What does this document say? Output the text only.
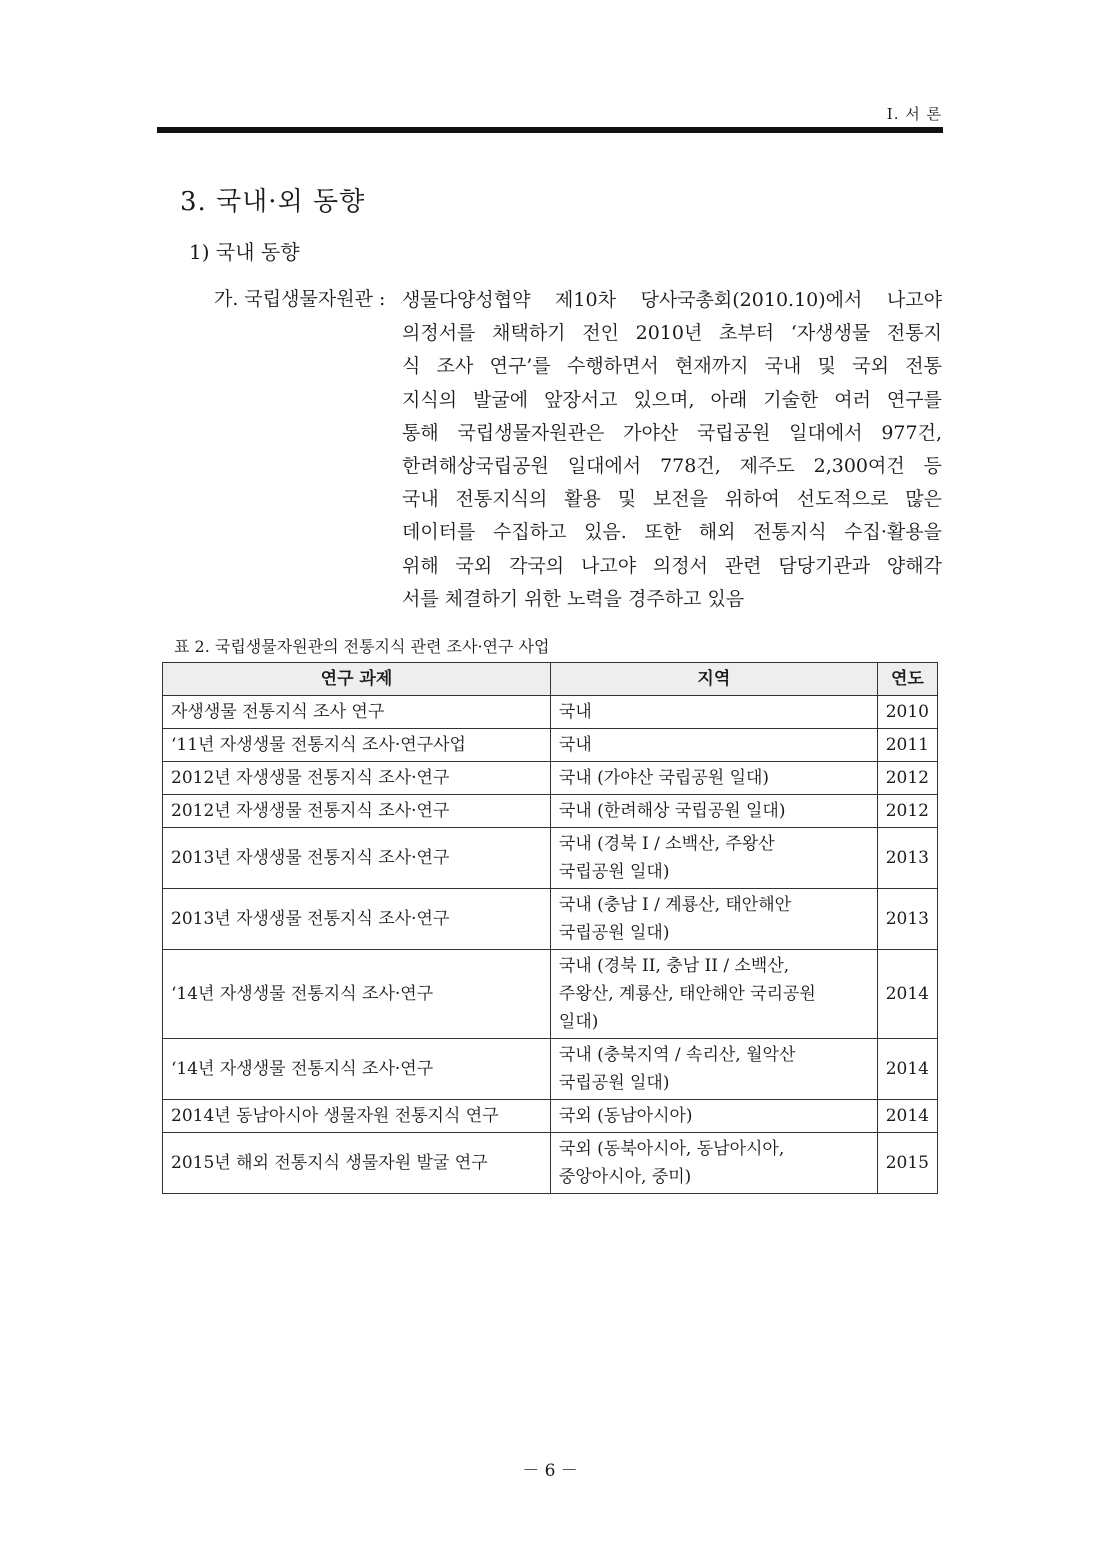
I. 서 론
3. 국내·외 동향
1) 국내 동향
가. 국립생물자원관 : 생물다양성협약 제10차 당사국총회(2010.10)에서 나고야
의정서를 채택하기 전인 2010년 초부터 ‘자생생물 전통지
식 조사 연구’를 수행하면서 현재까지 국내 및 국외 전통
지식의 발굴에 앞장서고 있으며, 아래 기술한 여러 연구를
통해 국립생물자원관은 가야산 국립공원 일대에서 977건,
한려해상국립공원 일대에서 778건, 제주도 2,300여건 등
국내 전통지식의 활용 및 보전을 위하여 선도적으로 많은
데이터를 수집하고 있음. 또한 해외 전통지식 수집·활용을
위해 국외 각국의 나고야 의정서 관련 담당기관과 양해각
서를 체결하기 위한 노력을 경주하고 있음
표 2. 국립생물자원관의 전통지식 관련 조사·연구 사업
연구 과제	지역	연도
자생생물 전통지식 조사 연구	국내	2010
‘11년 자생생물 전통지식 조사·연구사업	국내	2011
2012년 자생생물 전통지식 조사·연구	국내 (가야산 국립공원 일대)	2012
2012년 자생생물 전통지식 조사·연구	국내 (한려해상 국립공원 일대)	2012
2013년 자생생물 전통지식 조사·연구	국내 (경북 I / 소백산, 주왕산
국립공원 일대)	2013
2013년 자생생물 전통지식 조사·연구	국내 (충남 I / 계룡산, 태안해안
국립공원 일대)	2013
‘14년 자생생물 전통지식 조사·연구	국내 (경북 II, 충남 II / 소백산,
주왕산, 계룡산, 태안해안 국리공원
일대)	2014
‘14년 자생생물 전통지식 조사·연구	국내 (충북지역 / 속리산, 월악산
국립공원 일대)	2014
2014년 동남아시아 생물자원 전통지식 연구	국외 (동남아시아)	2014
2015년 해외 전통지식 생물자원 발굴 연구	국외 (동북아시아, 동남아시아,
중앙아시아, 중미)	2015
－ 6 －
